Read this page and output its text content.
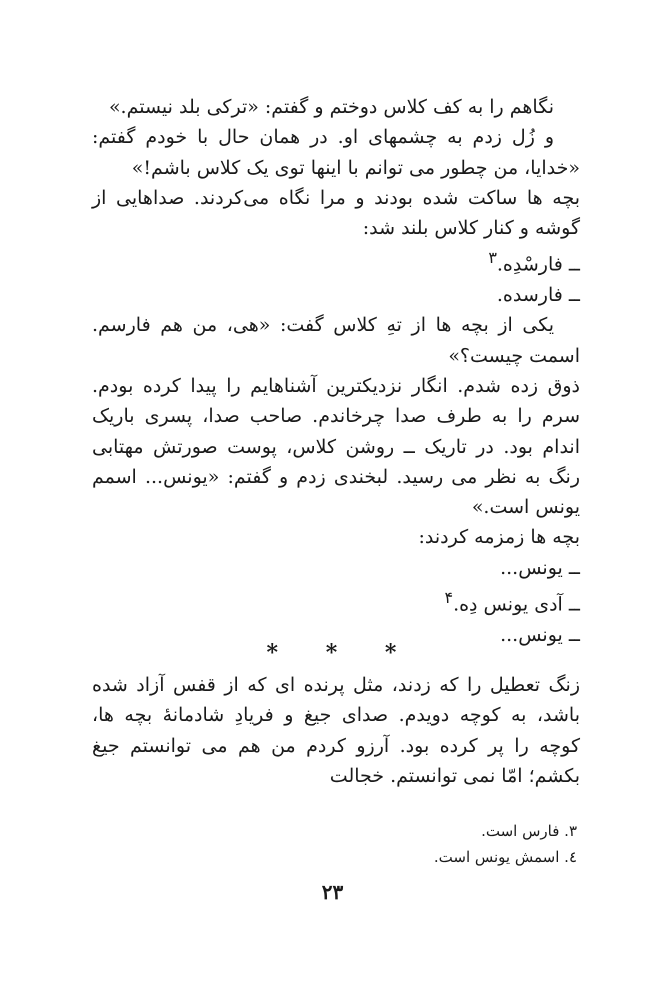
نگاهم را به کف کلاس دوختم و گفتم: «ترکی بلد نیستم.»

و زُل زدم به چشمهای او. در همان حال با خودم گفتم: «خدایا، من چطور می توانم با اینها توی یک کلاس باشم!»

بچه ها ساکت شده بودند و مرا نگاه می‌کردند. صداهایی از گوشه و کنار کلاس بلند شد:

ــ فارسْدِه.$^۳$

ــ فارسده.

یکی از بچه ها از تهِ کلاس گفت: «هی، من هم فارسم. اسمت چیست؟»

ذوق زده شدم. انگار نزدیکترین آشناهایم را پیدا کرده بودم. سرم را به طرف صدا چرخاندم. صاحب صدا، پسری باریک اندام بود. در تاریک ــ روشن کلاس، پوست صورتش مهتابی رنگ به نظر می رسید. لبخندی زدم و گفتم: «یونس... اسمم یونس است.»

بچه ها زمزمه کردند:

ــ یونس...

ــ آدی یونس دِه.$^۴$

ــ یونس...

* * *

زنگ تعطیل را که زدند، مثل پرنده ای که از قفس آزاد شده باشد، به کوچه دویدم. صدای جیغ و فریادِ شادمانهٔ بچه ها، کوچه را پر کرده بود. آرزو کردم من هم می توانستم جیغ بکشم؛ امّا نمی توانستم. خجالت

۳. فارس است.

٤. اسمش یونس است.

۲۳
